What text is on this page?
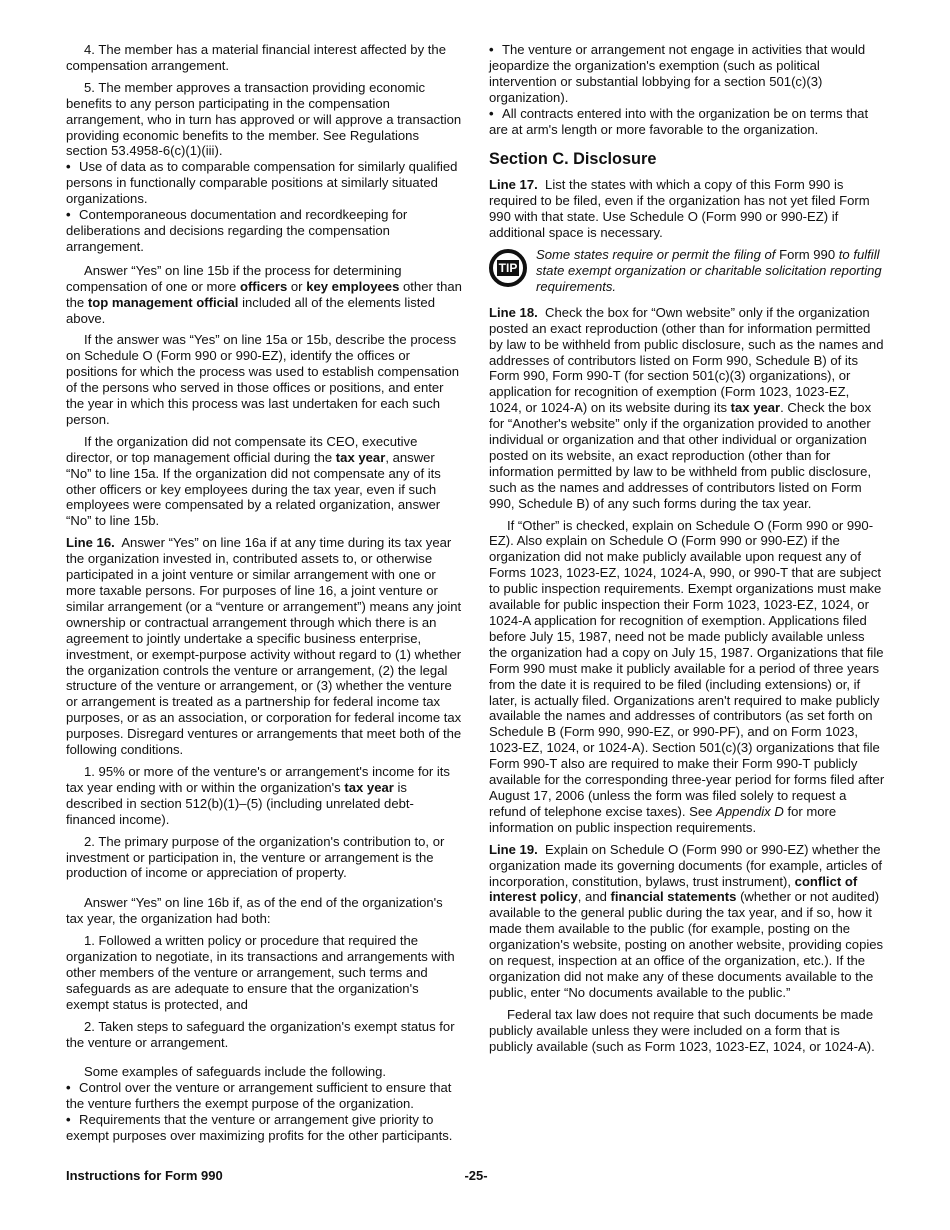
4. The member has a material financial interest affected by the compensation arrangement.

5. The member approves a transaction providing economic benefits to any person participating in the compensation arrangement, who in turn has approved or will approve a transaction providing economic benefits to the member. See Regulations section 53.4958-6(c)(1)(iii).

• Use of data as to comparable compensation for similarly qualified persons in functionally comparable positions at similarly situated organizations.

• Contemporaneous documentation and recordkeeping for deliberations and decisions regarding the compensation arrangement.

Answer “Yes” on line 15b if the process for determining compensation of one or more officers or key employees other than the top management official included all of the elements listed above.

If the answer was “Yes” on line 15a or 15b, describe the process on Schedule O (Form 990 or 990-EZ), identify the offices or positions for which the process was used to establish compensation of the persons who served in those offices or positions, and enter the year in which this process was last undertaken for each such person.

If the organization did not compensate its CEO, executive director, or top management official during the tax year, answer “No” to line 15a. If the organization did not compensate any of its other officers or key employees during the tax year, even if such employees were compensated by a related organization, answer “No” to line 15b.

Line 16. Answer “Yes” on line 16a if at any time during its tax year the organization invested in, contributed assets to, or otherwise participated in a joint venture or similar arrangement with one or more taxable persons. For purposes of line 16, a joint venture or similar arrangement (or a “venture or arrangement”) means any joint ownership or contractual arrangement through which there is an agreement to jointly undertake a specific business enterprise, investment, or exempt-purpose activity without regard to (1) whether the organization controls the venture or arrangement, (2) the legal structure of the venture or arrangement, or (3) whether the venture or arrangement is treated as a partnership for federal income tax purposes, or as an association, or corporation for federal income tax purposes. Disregard ventures or arrangements that meet both of the following conditions.

1. 95% or more of the venture's or arrangement's income for its tax year ending with or within the organization's tax year is described in section 512(b)(1)–(5) (including unrelated debt-financed income).

2. The primary purpose of the organization's contribution to, or investment or participation in, the venture or arrangement is the production of income or appreciation of property.

Answer “Yes” on line 16b if, as of the end of the organization's tax year, the organization had both:

1. Followed a written policy or procedure that required the organization to negotiate, in its transactions and arrangements with other members of the venture or arrangement, such terms and safeguards as are adequate to ensure that the organization's exempt status is protected, and

2. Taken steps to safeguard the organization's exempt status for the venture or arrangement.

Some examples of safeguards include the following.

• Control over the venture or arrangement sufficient to ensure that the venture furthers the exempt purpose of the organization.

• Requirements that the venture or arrangement give priority to exempt purposes over maximizing profits for the other participants.

• The venture or arrangement not engage in activities that would jeopardize the organization's exemption (such as political intervention or substantial lobbying for a section 501(c)(3) organization).

• All contracts entered into with the organization be on terms that are at arm's length or more favorable to the organization.

Section C. Disclosure

Line 17. List the states with which a copy of this Form 990 is required to be filed, even if the organization has not yet filed Form 990 with that state. Use Schedule O (Form 990 or 990-EZ) if additional space is necessary.

TIP
Some states require or permit the filing of Form 990 to fulfill state exempt organization or charitable solicitation reporting requirements.

Line 18. Check the box for “Own website” only if the organization posted an exact reproduction (other than for information permitted by law to be withheld from public disclosure, such as the names and addresses of contributors listed on Form 990, Schedule B) of its Form 990, Form 990-T (for section 501(c)(3) organizations), or application for recognition of exemption (Form 1023, 1023-EZ, 1024, or 1024-A) on its website during its tax year. Check the box for “Another's website” only if the organization provided to another individual or organization and that other individual or organization posted on its website, an exact reproduction (other than for information permitted by law to be withheld from public disclosure, such as the names and addresses of contributors listed on Form 990, Schedule B) of any such forms during the tax year.

If “Other” is checked, explain on Schedule O (Form 990 or 990-EZ). Also explain on Schedule O (Form 990 or 990-EZ) if the organization did not make publicly available upon request any of Forms 1023, 1023-EZ, 1024, 1024-A, 990, or 990-T that are subject to public inspection requirements. Exempt organizations must make available for public inspection their Form 1023, 1023-EZ, 1024, or 1024-A application for recognition of exemption. Applications filed before July 15, 1987, need not be made publicly available unless the organization had a copy on July 15, 1987. Organizations that file Form 990 must make it publicly available for a period of three years from the date it is required to be filed (including extensions) or, if later, is actually filed. Organizations aren't required to make publicly available the names and addresses of contributors (as set forth on Schedule B (Form 990, 990-EZ, or 990-PF), and on Form 1023, 1023-EZ, 1024, or 1024-A). Section 501(c)(3) organizations that file Form 990-T also are required to make their Form 990-T publicly available for the corresponding three-year period for forms filed after August 17, 2006 (unless the form was filed solely to request a refund of telephone excise taxes). See Appendix D for more information on public inspection requirements.

Line 19. Explain on Schedule O (Form 990 or 990-EZ) whether the organization made its governing documents (for example, articles of incorporation, constitution, bylaws, trust instrument), conflict of interest policy, and financial statements (whether or not audited) available to the general public during the tax year, and if so, how it made them available to the public (for example, posting on the organization's website, posting on another website, providing copies on request, inspection at an office of the organization, etc.). If the organization did not make any of these documents available to the public, enter “No documents available to the public.”

Federal tax law does not require that such documents be made publicly available unless they were included on a form that is publicly available (such as Form 1023, 1023-EZ, 1024, or 1024-A).

Instructions for Form 990	-25-
